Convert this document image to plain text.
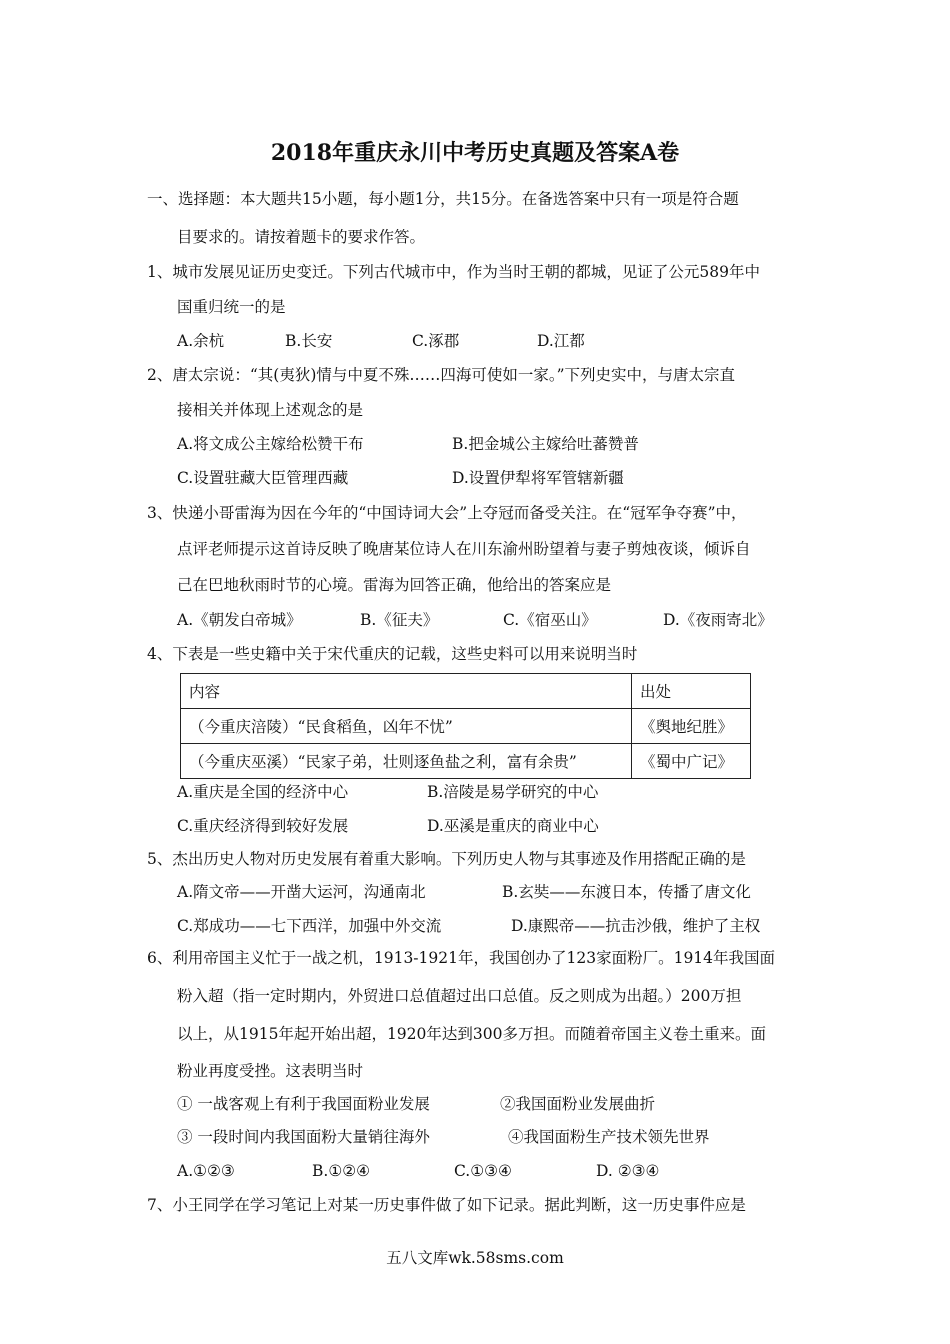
2018年重庆永川中考历史真题及答案A卷
一、选择题：本大题共15小题，每小题1分，共15分。在备选答案中只有一项是符合题
目要求的。请按着题卡的要求作答。
1、城市发展见证历史变迁。下列古代城市中，作为当时王朝的都城，见证了公元589年中
国重归统一的是
A.余杭	B.长安	C.涿郡	D.江都
2、唐太宗说：“其(夷狄)情与中夏不殊……四海可使如一家。”下列史实中，与唐太宗直
接相关并体现上述观念的是
A.将文成公主嫁给松赞干布	B.把金城公主嫁给吐蕃赞普
C.设置驻藏大臣管理西藏	D.设置伊犁将军管辖新疆
3、快递小哥雷海为因在今年的“中国诗词大会”上夺冠而备受关注。在“冠军争夺赛”中，
点评老师提示这首诗反映了晚唐某位诗人在川东渝州盼望着与妻子剪烛夜谈，倾诉自
己在巴地秋雨时节的心境。雷海为回答正确，他给出的答案应是
A.《朝发白帝城》	B.《征夫》	C.《宿巫山》	D.《夜雨寄北》
4、下表是一些史籍中关于宋代重庆的记载，这些史料可以用来说明当时
内容	出处
（今重庆涪陵）“民食稻鱼，凶年不忧”	《舆地纪胜》
（今重庆巫溪）“民家子弟，壮则逐鱼盐之利，富有余贵”	《蜀中广记》
A.重庆是全国的经济中心	B.涪陵是易学研究的中心
C.重庆经济得到较好发展	D.巫溪是重庆的商业中心
5、杰出历史人物对历史发展有着重大影响。下列历史人物与其事迹及作用搭配正确的是
A.隋文帝——开凿大运河，沟通南北	B.玄奘——东渡日本，传播了唐文化
C.郑成功——七下西洋，加强中外交流	D.康熙帝——抗击沙俄，维护了主权
6、利用帝国主义忙于一战之机，1913-1921年，我国创办了123家面粉厂。1914年我国面
粉入超（指一定时期内，外贸进口总值超过出口总值。反之则成为出超。）200万担
以上，从1915年起开始出超，1920年达到300多万担。而随着帝国主义卷土重来。面
粉业再度受挫。这表明当时
① 一战客观上有利于我国面粉业发展	②我国面粉业发展曲折
③ 一段时间内我国面粉大量销往海外	④我国面粉生产技术领先世界
A.①②③	B.①②④	C.①③④	D. ②③④
7、小王同学在学习笔记上对某一历史事件做了如下记录。据此判断，这一历史事件应是
五八文库wk.58sms.com
